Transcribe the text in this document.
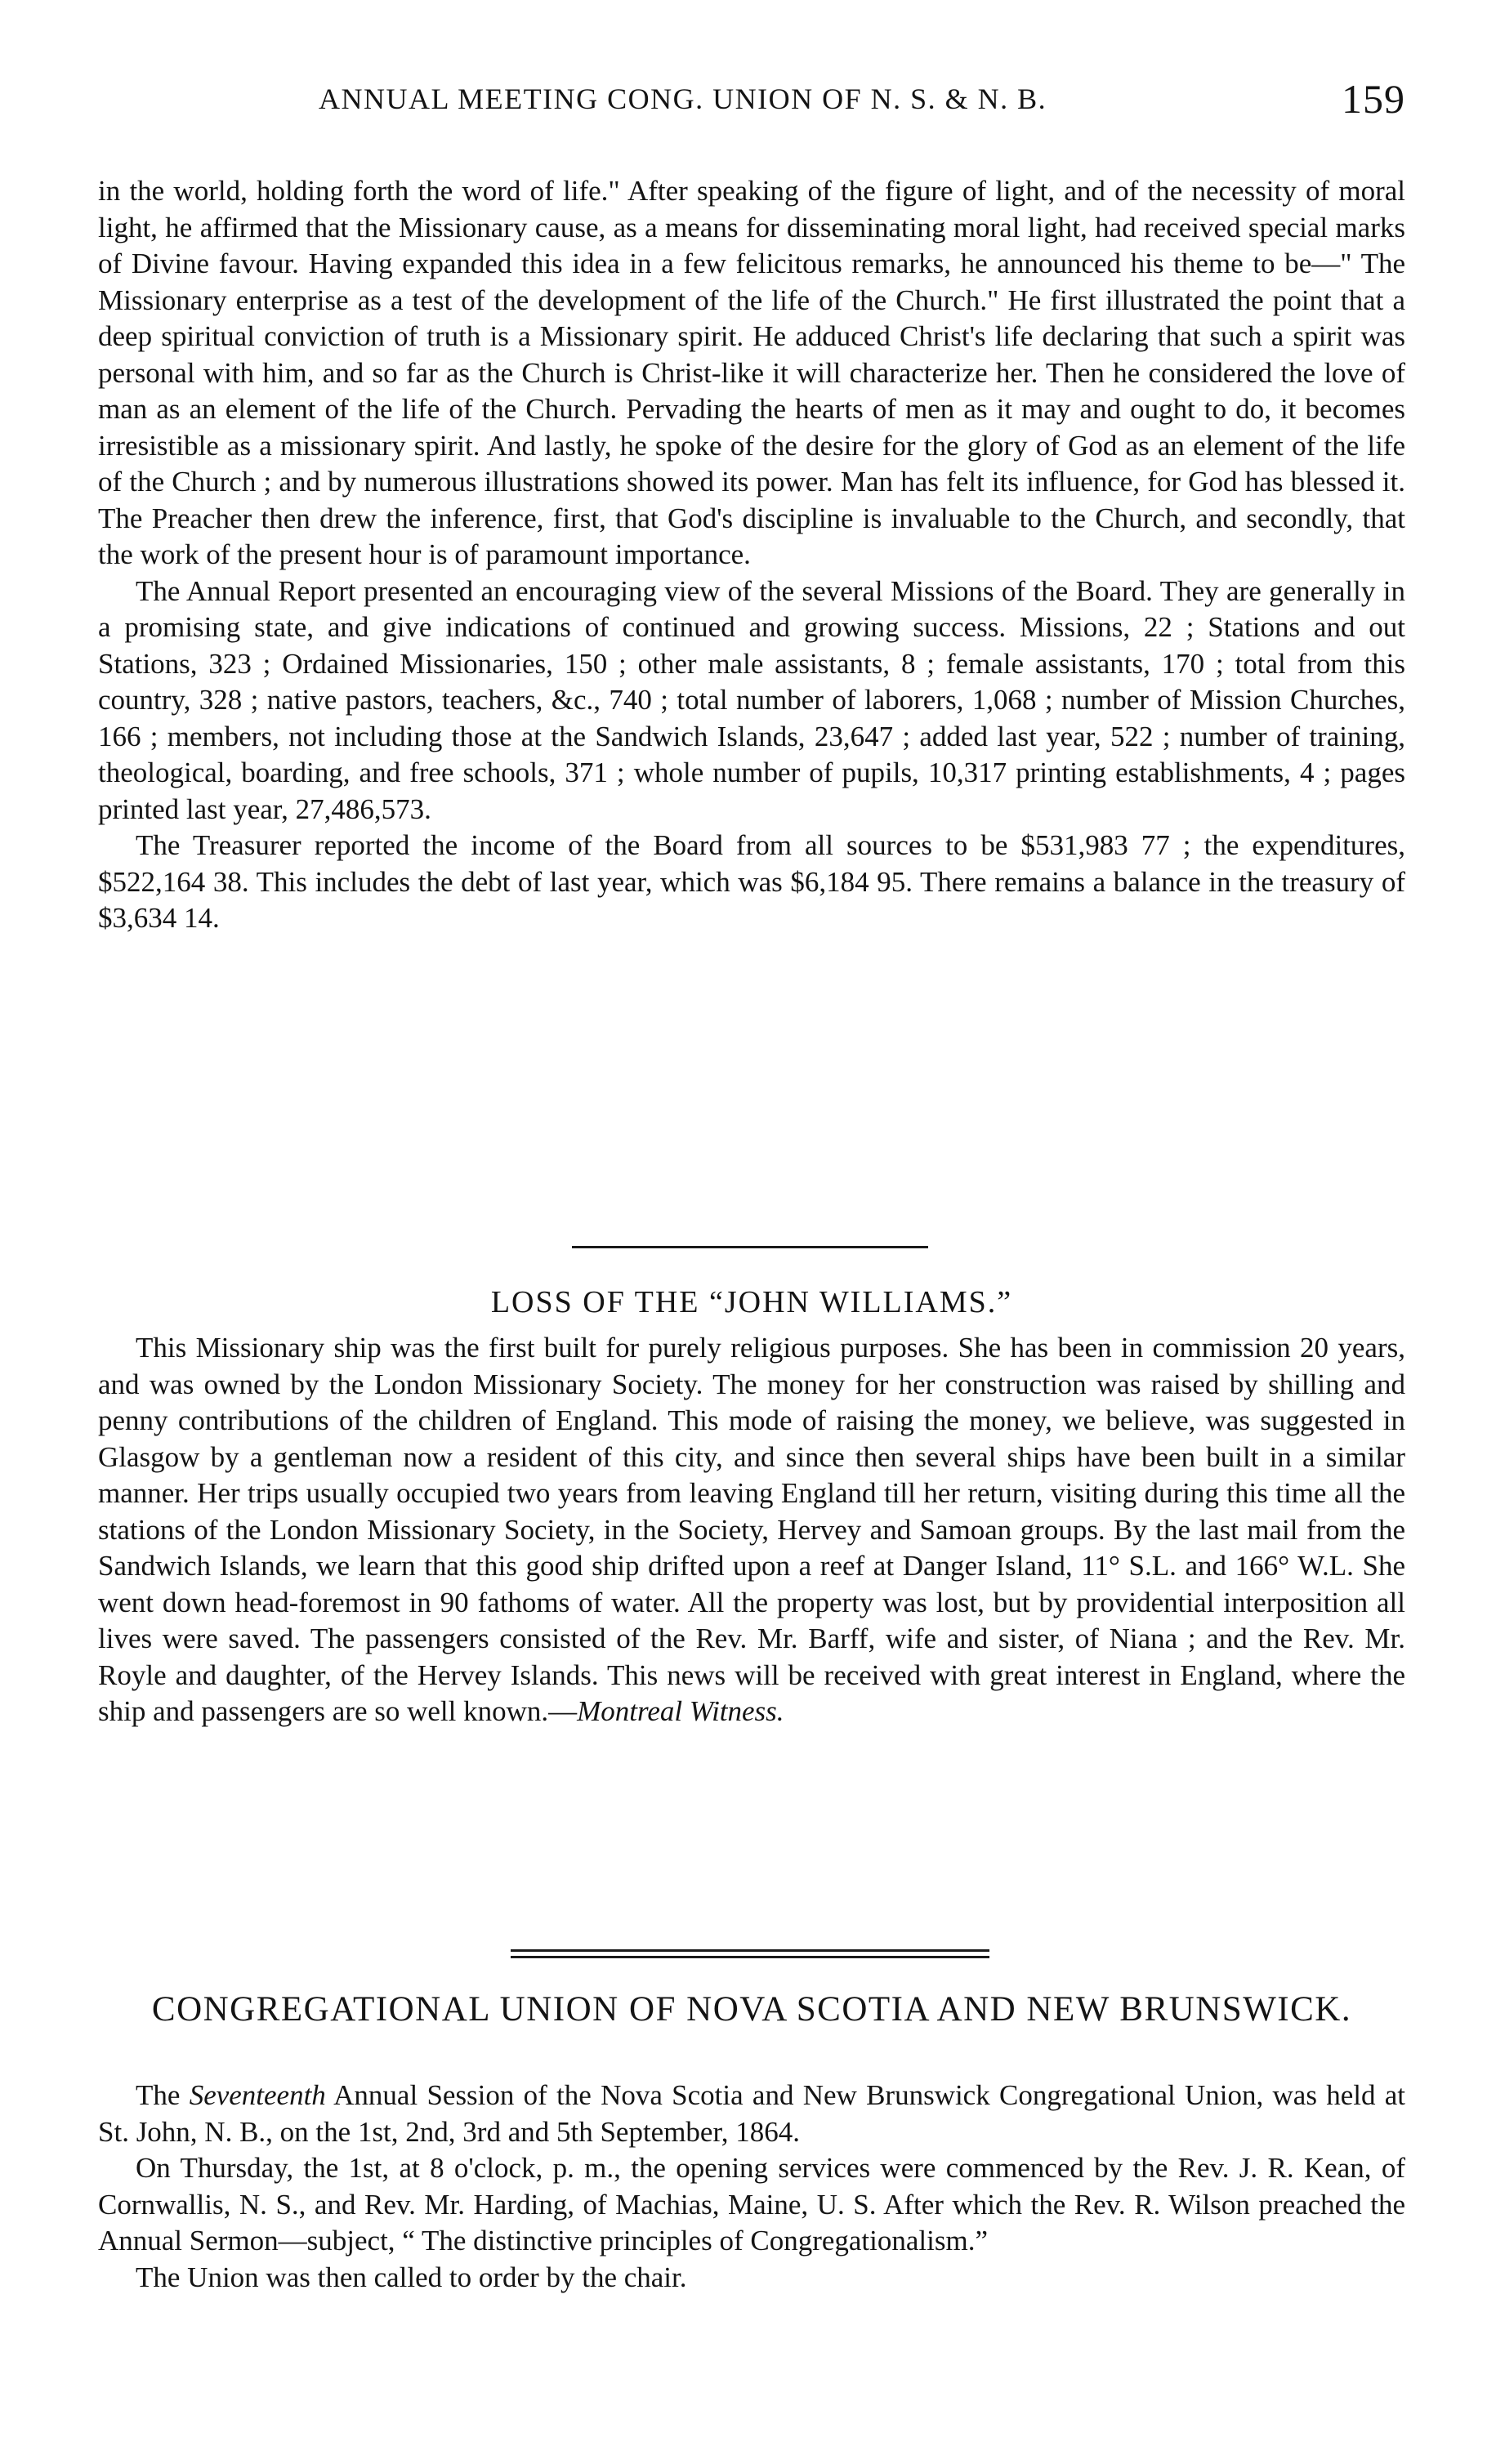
ANNUAL MEETING CONG. UNION OF N. S. & N. B.	159

in the world, holding forth the word of life." After speaking of the figure of light, and of the necessity of moral light, he affirmed that the Missionary cause, as a means for disseminating moral light, had received special marks of Divine favour. Having expanded this idea in a few felicitous remarks, he announced his theme to be—" The Missionary enterprise as a test of the development of the life of the Church." He first illustrated the point that a deep spiritual conviction of truth is a Missionary spirit. He adduced Christ's life declaring that such a spirit was personal with him, and so far as the Church is Christ-like it will characterize her. Then he considered the love of man as an element of the life of the Church. Pervading the hearts of men as it may and ought to do, it becomes irresistible as a missionary spirit. And lastly, he spoke of the desire for the glory of God as an element of the life of the Church ; and by numerous illustrations showed its power. Man has felt its influence, for God has blessed it. The Preacher then drew the inference, first, that God's discipline is invaluable to the Church, and secondly, that the work of the present hour is of paramount importance.

The Annual Report presented an encouraging view of the several Missions of the Board. They are generally in a promising state, and give indications of continued and growing success. Missions, 22 ; Stations and out Stations, 323 ; Ordained Missionaries, 150 ; other male assistants, 8 ; female assistants, 170 ; total from this country, 328 ; native pastors, teachers, &c., 740 ; total number of laborers, 1,068 ; number of Mission Churches, 166 ; members, not including those at the Sandwich Islands, 23,647 ; added last year, 522 ; number of training, theological, boarding, and free schools, 371 ; whole number of pupils, 10,317 printing establishments, 4 ; pages printed last year, 27,486,573.

The Treasurer reported the income of the Board from all sources to be $531,983 77 ; the expenditures, $522,164 38. This includes the debt of last year, which was $6,184 95. There remains a balance in the treasury of $3,634 14.

LOSS OF THE “JOHN WILLIAMS.”

This Missionary ship was the first built for purely religious purposes. She has been in commission 20 years, and was owned by the London Missionary Society. The money for her construction was raised by shilling and penny contributions of the children of England. This mode of raising the money, we believe, was suggested in Glasgow by a gentleman now a resident of this city, and since then several ships have been built in a similar manner. Her trips usually occupied two years from leaving England till her return, visiting during this time all the stations of the London Missionary Society, in the Society, Hervey and Samoan groups. By the last mail from the Sandwich Islands, we learn that this good ship drifted upon a reef at Danger Island, 11° S.L. and 166° W.L. She went down head-foremost in 90 fathoms of water. All the property was lost, but by providential interposition all lives were saved. The passengers consisted of the Rev. Mr. Barff, wife and sister, of Niana ; and the Rev. Mr. Royle and daughter, of the Hervey Islands. This news will be received with great interest in England, where the ship and passengers are so well known.—Montreal Witness.

CONGREGATIONAL UNION OF NOVA SCOTIA AND NEW BRUNSWICK.

The Seventeenth Annual Session of the Nova Scotia and New Brunswick Congregational Union, was held at St. John, N. B., on the 1st, 2nd, 3rd and 5th September, 1864.

On Thursday, the 1st, at 8 o'clock, p. m., the opening services were commenced by the Rev. J. R. Kean, of Cornwallis, N. S., and Rev. Mr. Harding, of Machias, Maine, U. S. After which the Rev. R. Wilson preached the Annual Sermon—subject, “ The distinctive principles of Congregationalism.”

The Union was then called to order by the chair.
